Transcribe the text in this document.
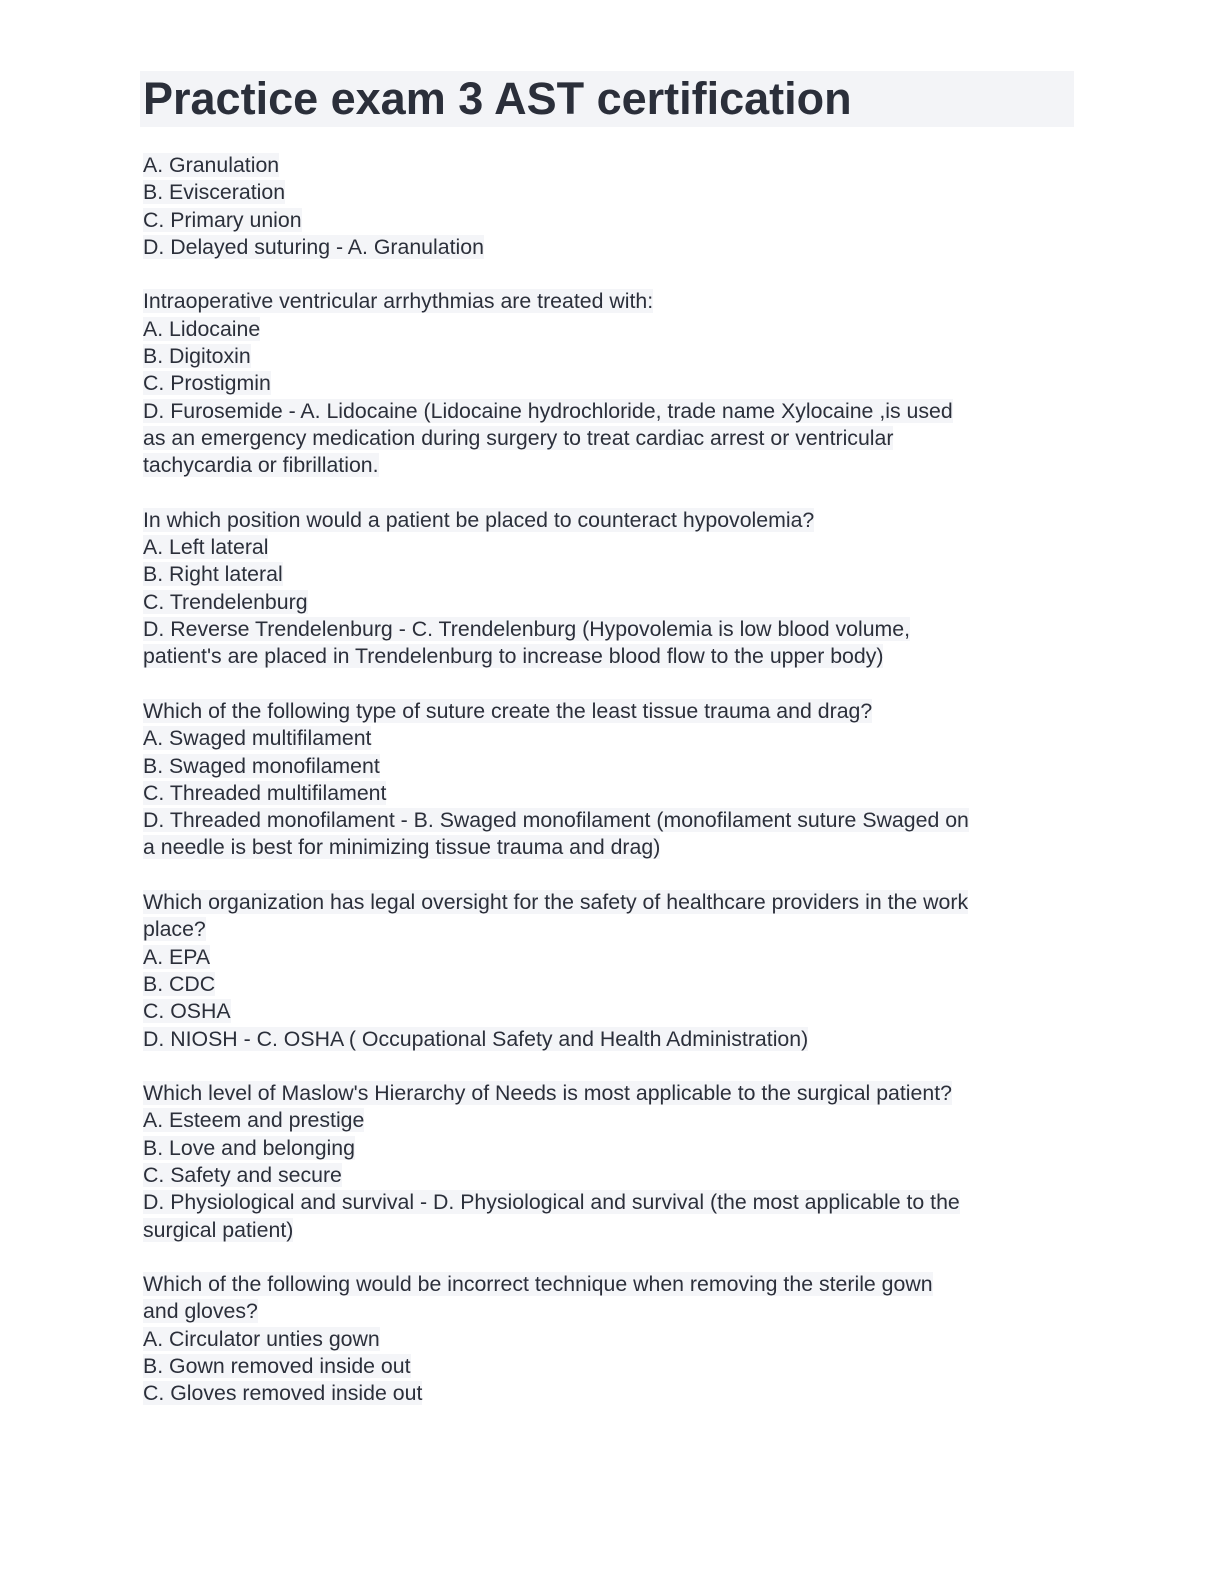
Practice exam 3 AST certification
A. Granulation
B. Evisceration
C. Primary union
D. Delayed suturing - A. Granulation
Intraoperative ventricular arrhythmias are treated with:
A. Lidocaine
B. Digitoxin
C. Prostigmin
D. Furosemide - A. Lidocaine (Lidocaine hydrochloride, trade name Xylocaine ,is used
as an emergency medication during surgery to treat cardiac arrest or ventricular
tachycardia or fibrillation.
In which position would a patient be placed to counteract hypovolemia?
A. Left lateral
B. Right lateral
C. Trendelenburg
D. Reverse Trendelenburg - C. Trendelenburg (Hypovolemia is low blood volume,
patient's are placed in Trendelenburg to increase blood flow to the upper body)
Which of the following type of suture create the least tissue trauma and drag?
A. Swaged multifilament
B. Swaged monofilament
C. Threaded multifilament
D. Threaded monofilament - B. Swaged monofilament (monofilament suture Swaged on
a needle is best for minimizing tissue trauma and drag)
Which organization has legal oversight for the safety of healthcare providers in the work
place?
A. EPA
B. CDC
C. OSHA
D. NIOSH - C. OSHA ( Occupational Safety and Health Administration)
Which level of Maslow's Hierarchy of Needs is most applicable to the surgical patient?
A. Esteem and prestige
B. Love and belonging
C. Safety and secure
D. Physiological and survival - D. Physiological and survival (the most applicable to the
surgical patient)
Which of the following would be incorrect technique when removing the sterile gown
and gloves?
A. Circulator unties gown
B. Gown removed inside out
C. Gloves removed inside out
